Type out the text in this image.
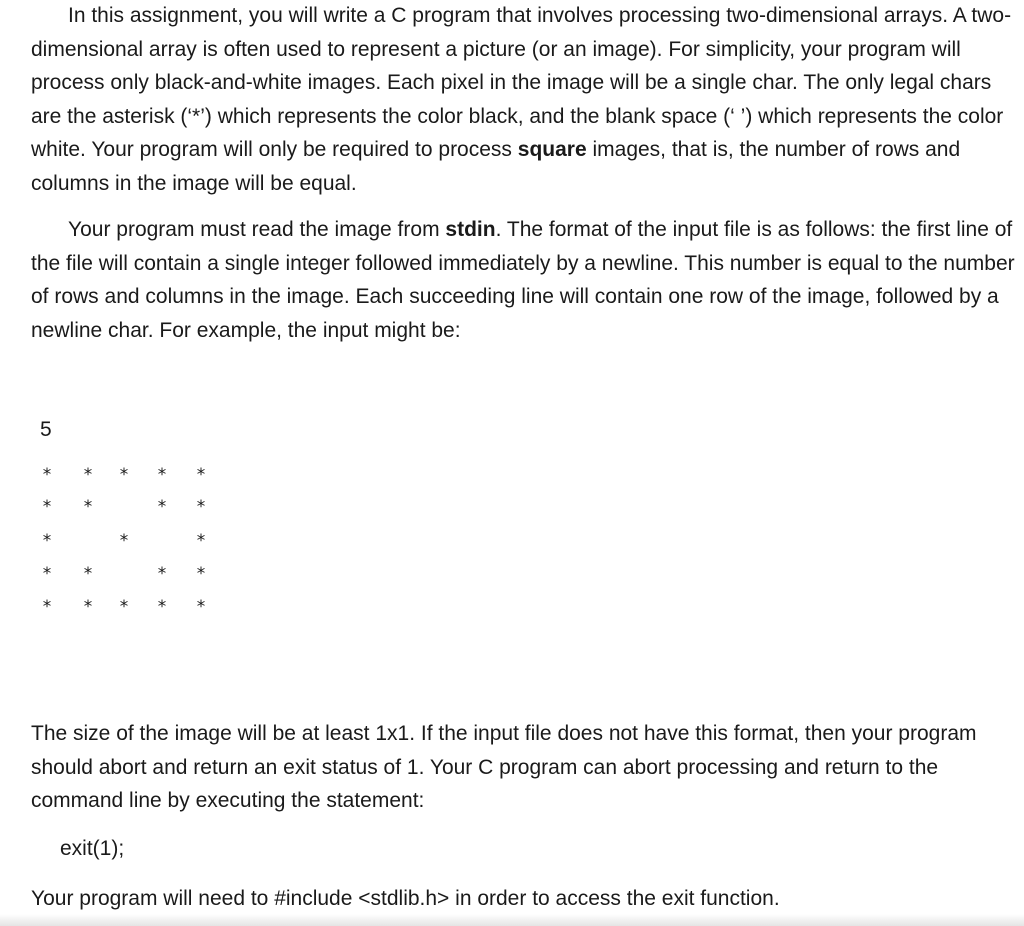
In this assignment, you will write a C program that involves processing two-dimensional arrays. A two-dimensional array is often used to represent a picture (or an image). For simplicity, your program will process only black-and-white images. Each pixel in the image will be a single char. The only legal chars are the asterisk (‘*’) which represents the color black, and the blank space (‘ ’) which represents the color white. Your program will only be required to process square images, that is, the number of rows and columns in the image will be equal.

Your program must read the image from stdin. The format of the input file is as follows: the first line of the file will contain a single integer followed immediately by a newline. This number is equal to the number of rows and columns in the image. Each succeeding line will contain one row of the image, followed by a newline char. For example, the input might be:

5
* * * * *
* *	* *
*	*	*
* *	* *
* * * * *

The size of the image will be at least 1x1. If the input file does not have this format, then your program should abort and return an exit status of 1. Your C program can abort processing and return to the command line by executing the statement:

exit(1);
Your program will need to #include <stdlib.h> in order to access the exit function.
